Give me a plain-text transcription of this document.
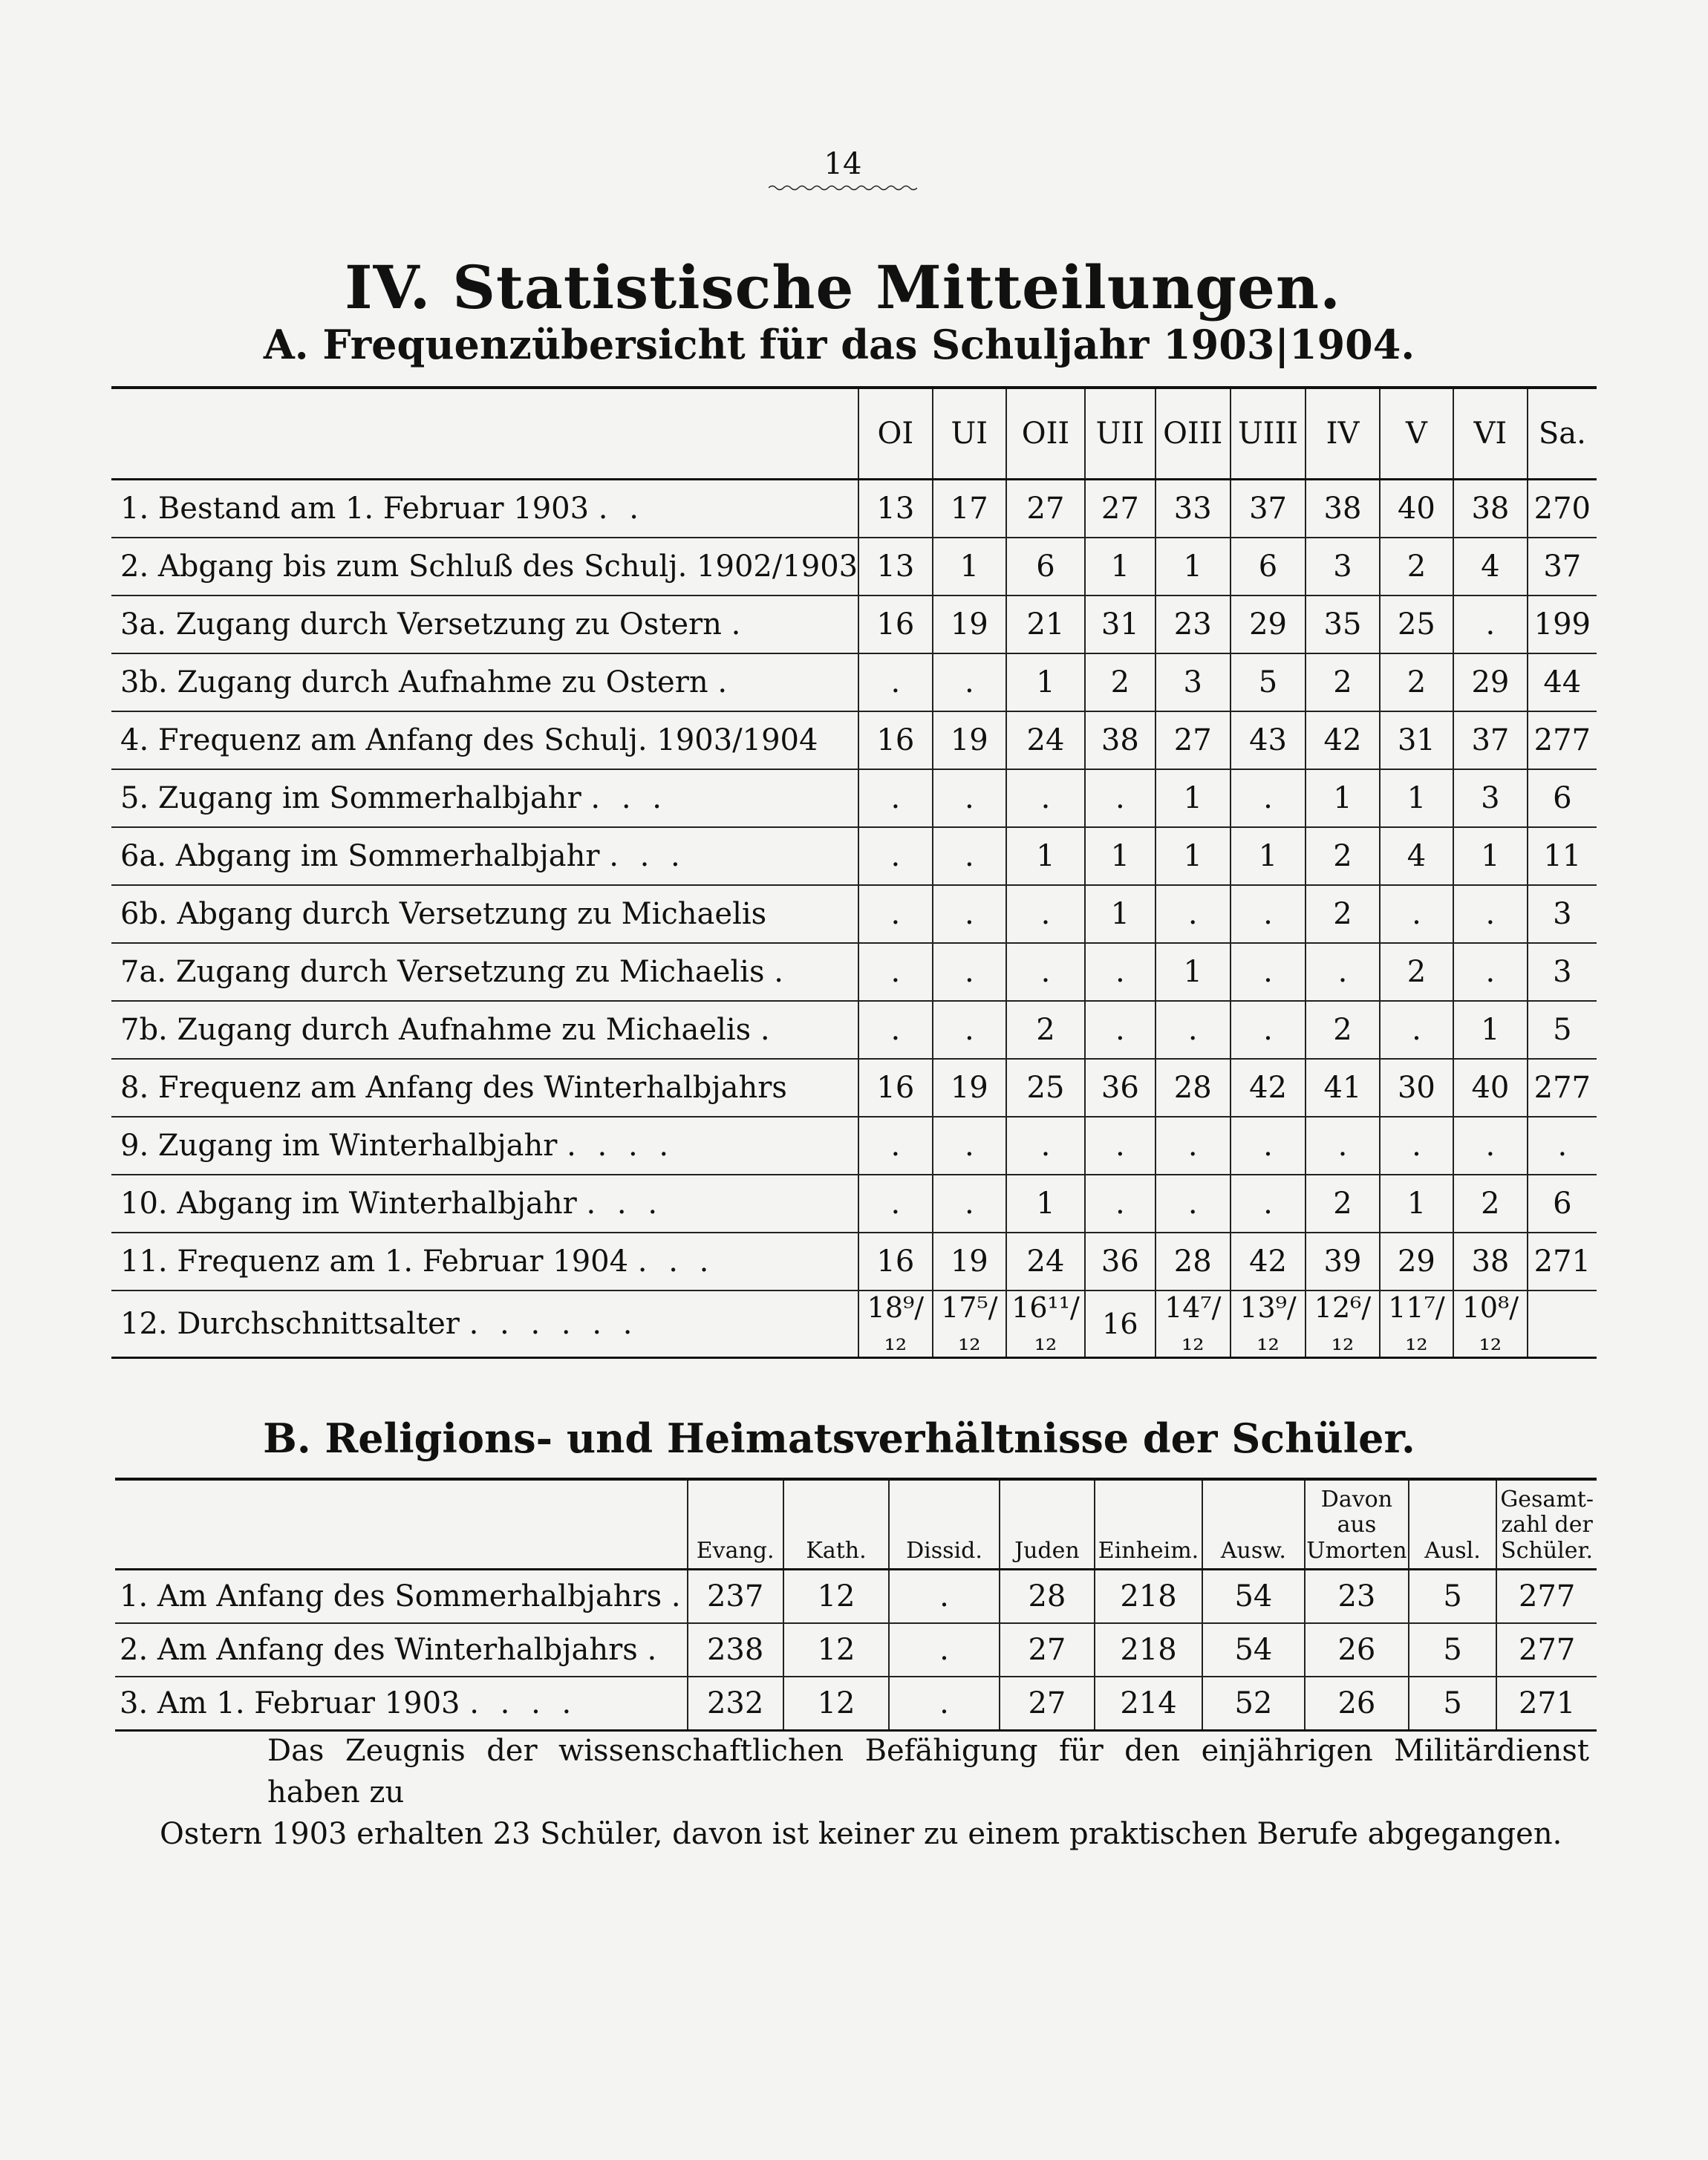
14
IV. Statistische Mitteilungen.
A. Frequenzübersicht für das Schuljahr 1903|1904.
	OI	UI	OII	UII	OIII	UIII	IV	V	VI	Sa.
1. Bestand am 1. Februar 1903 . .	13	17	27	27	33	37	38	40	38	270
2. Abgang bis zum Schluß des Schulj. 1902/1903	13	1	6	1	1	6	3	2	4	37
3a. Zugang durch Versetzung zu Ostern .	16	19	21	31	23	29	35	25	.	199
3b. Zugang durch Aufnahme zu Ostern .	.	.	1	2	3	5	2	2	29	44
4. Frequenz am Anfang des Schulj. 1903/1904	16	19	24	38	27	43	42	31	37	277
5. Zugang im Sommerhalbjahr . . .	.	.	.	.	1	.	1	1	3	6
6a. Abgang im Sommerhalbjahr . . .	.	.	1	1	1	1	2	4	1	11
6b. Abgang durch Versetzung zu Michaelis	.	.	.	1	.	.	2	.	.	3
7a. Zugang durch Versetzung zu Michaelis .	.	.	.	.	1	.	.	2	.	3
7b. Zugang durch Aufnahme zu Michaelis .	.	.	2	.	.	.	2	.	1	5
8. Frequenz am Anfang des Winterhalbjahrs	16	19	25	36	28	42	41	30	40	277
9. Zugang im Winterhalbjahr . . . .	.	.	.	.	.	.	.	.	.	.
10. Abgang im Winterhalbjahr . . .	.	.	1	.	.	.	2	1	2	6
11. Frequenz am 1. Februar 1904 . . .	16	19	24	36	28	42	39	29	38	271
12. Durchschnittsalter . . . . . .	18⁹/₁₂	17⁵/₁₂	16¹¹/₁₂	16	14⁷/₁₂	13⁹/₁₂	12⁶/₁₂	11⁷/₁₂	10⁸/₁₂	
B. Religions- und Heimatsverhältnisse der Schüler.
	Evang.	Kath.	Dissid.	Juden	Einheim.	Ausw.	Davon aus Umorten	Ausl.	Gesamt- zahl der Schüler.
1. Am Anfang des Sommerhalbjahrs .	237	12	.	28	218	54	23	5	277
2. Am Anfang des Winterhalbjahrs .	238	12	.	27	218	54	26	5	277
3. Am 1. Februar 1903 . . . .	232	12	.	27	214	52	26	5	271
Das Zeugnis der wissenschaftlichen Befähigung für den einjährigen Militärdienst haben zu
Ostern 1903 erhalten 23 Schüler, davon ist keiner zu einem praktischen Berufe abgegangen.
